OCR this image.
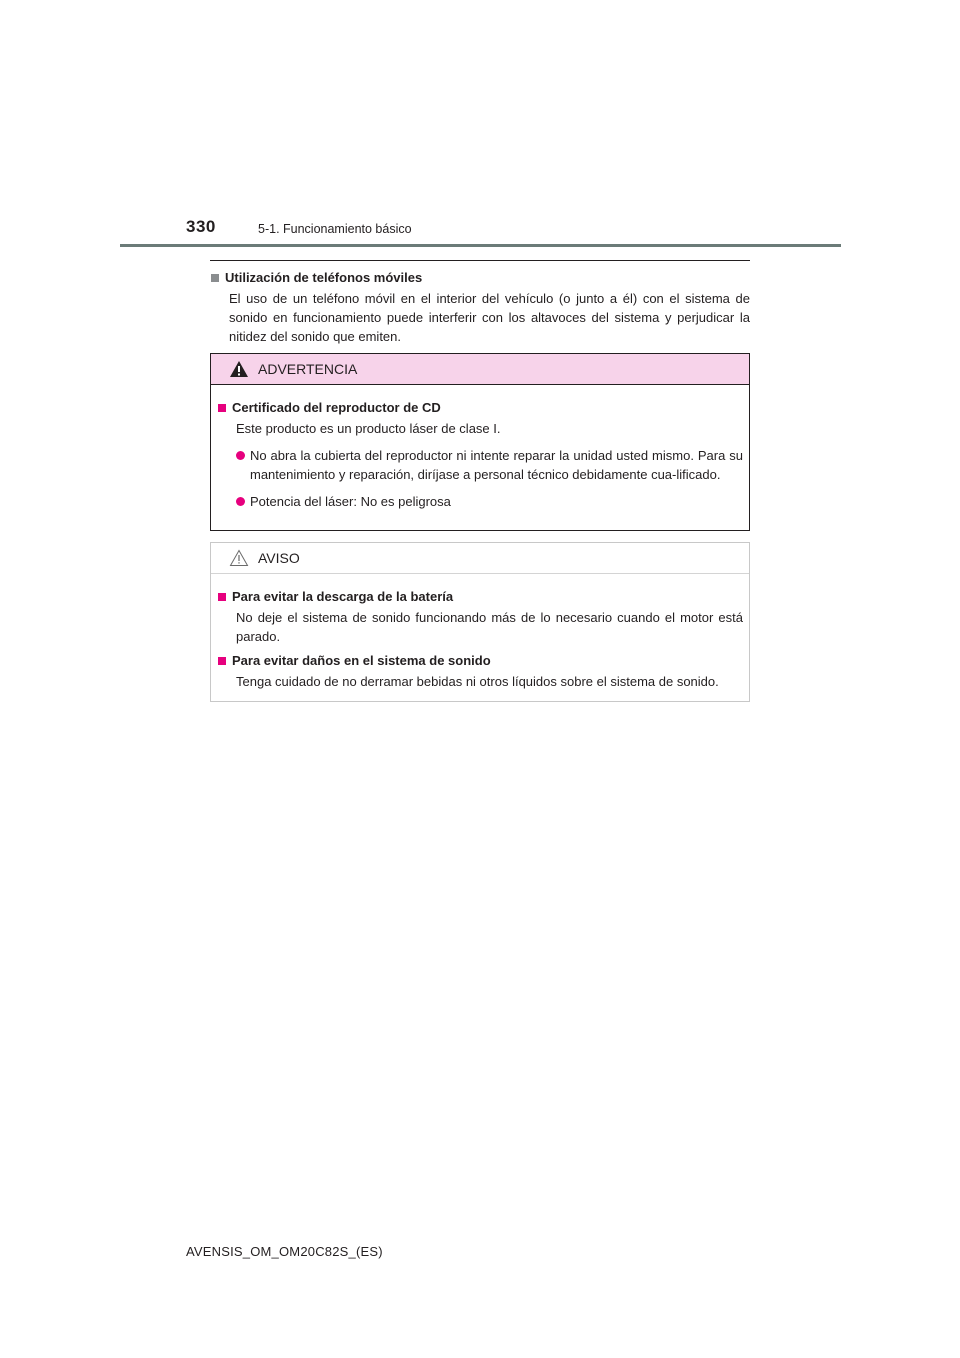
330	5-1. Funcionamiento básico
Utilización de teléfonos móviles
El uso de un teléfono móvil en el interior del vehículo (o junto a él) con el sistema de sonido en funcionamiento puede interferir con los altavoces del sistema y perjudicar la nitidez del sonido que emiten.
ADVERTENCIA
Certificado del reproductor de CD
Este producto es un producto láser de clase I.
No abra la cubierta del reproductor ni intente reparar la unidad usted mismo. Para su mantenimiento y reparación, diríjase a personal técnico debidamente cua-lificado.
Potencia del láser: No es peligrosa
AVISO
Para evitar la descarga de la batería
No deje el sistema de sonido funcionando más de lo necesario cuando el motor está parado.
Para evitar daños en el sistema de sonido
Tenga cuidado de no derramar bebidas ni otros líquidos sobre el sistema de sonido.
AVENSIS_OM_OM20C82S_(ES)
